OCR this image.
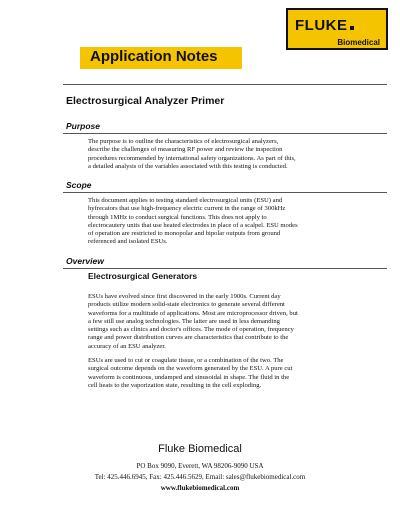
FLUKE
Biomedical
Application Notes
Electrosurgical Analyzer Primer
Purpose
The purpose is to outline the characteristics of electrosurgical analyzers,
describe the challenges of measuring RF power and review the inspection
procedures recommended by international safety organizations. As part of this,
a detailed analysis of the variables associated with this testing is conducted.
Scope
This document applies to testing standard electrosurgical units (ESU) and
hyfrecators that use high-frequency electric current in the range of 300kHz
through 1MHz to conduct surgical functions. This does not apply to
electrocautery units that use heated electrodes in place of a scalpel. ESU modes
of operation are restricted to monopolar and bipolar outputs from ground
referenced and isolated ESUs.
Overview
Electrosurgical Generators
ESUs have evolved since first discovered in the early 1900s. Current day
products utilize modern solid-state electronics to generate several different
waveforms for a multitude of applications. Most are microprocessor driven, but
a few still use analog technologies. The latter are used in less demanding
settings such as clinics and doctor's offices. The mode of operation, frequency
range and power distribution curves are characteristics that contribute to the
accuracy of an ESU analyzer.
ESUs are used to cut or coagulate tissue, or a combination of the two. The
surgical outcome depends on the waveform generated by the ESU. A pure cut
waveform is continuous, undamped and sinusoidal in shape. The fluid in the
cell heats to the vaporization state, resulting in the cell exploding.
Fluke Biomedical
PO Box 9090, Everett, WA 98206-9090 USA
Tel: 425.446.6945, Fax: 425.446.5629, Email: sales@flukebiomedical.com
www.flukebiomedical.com
